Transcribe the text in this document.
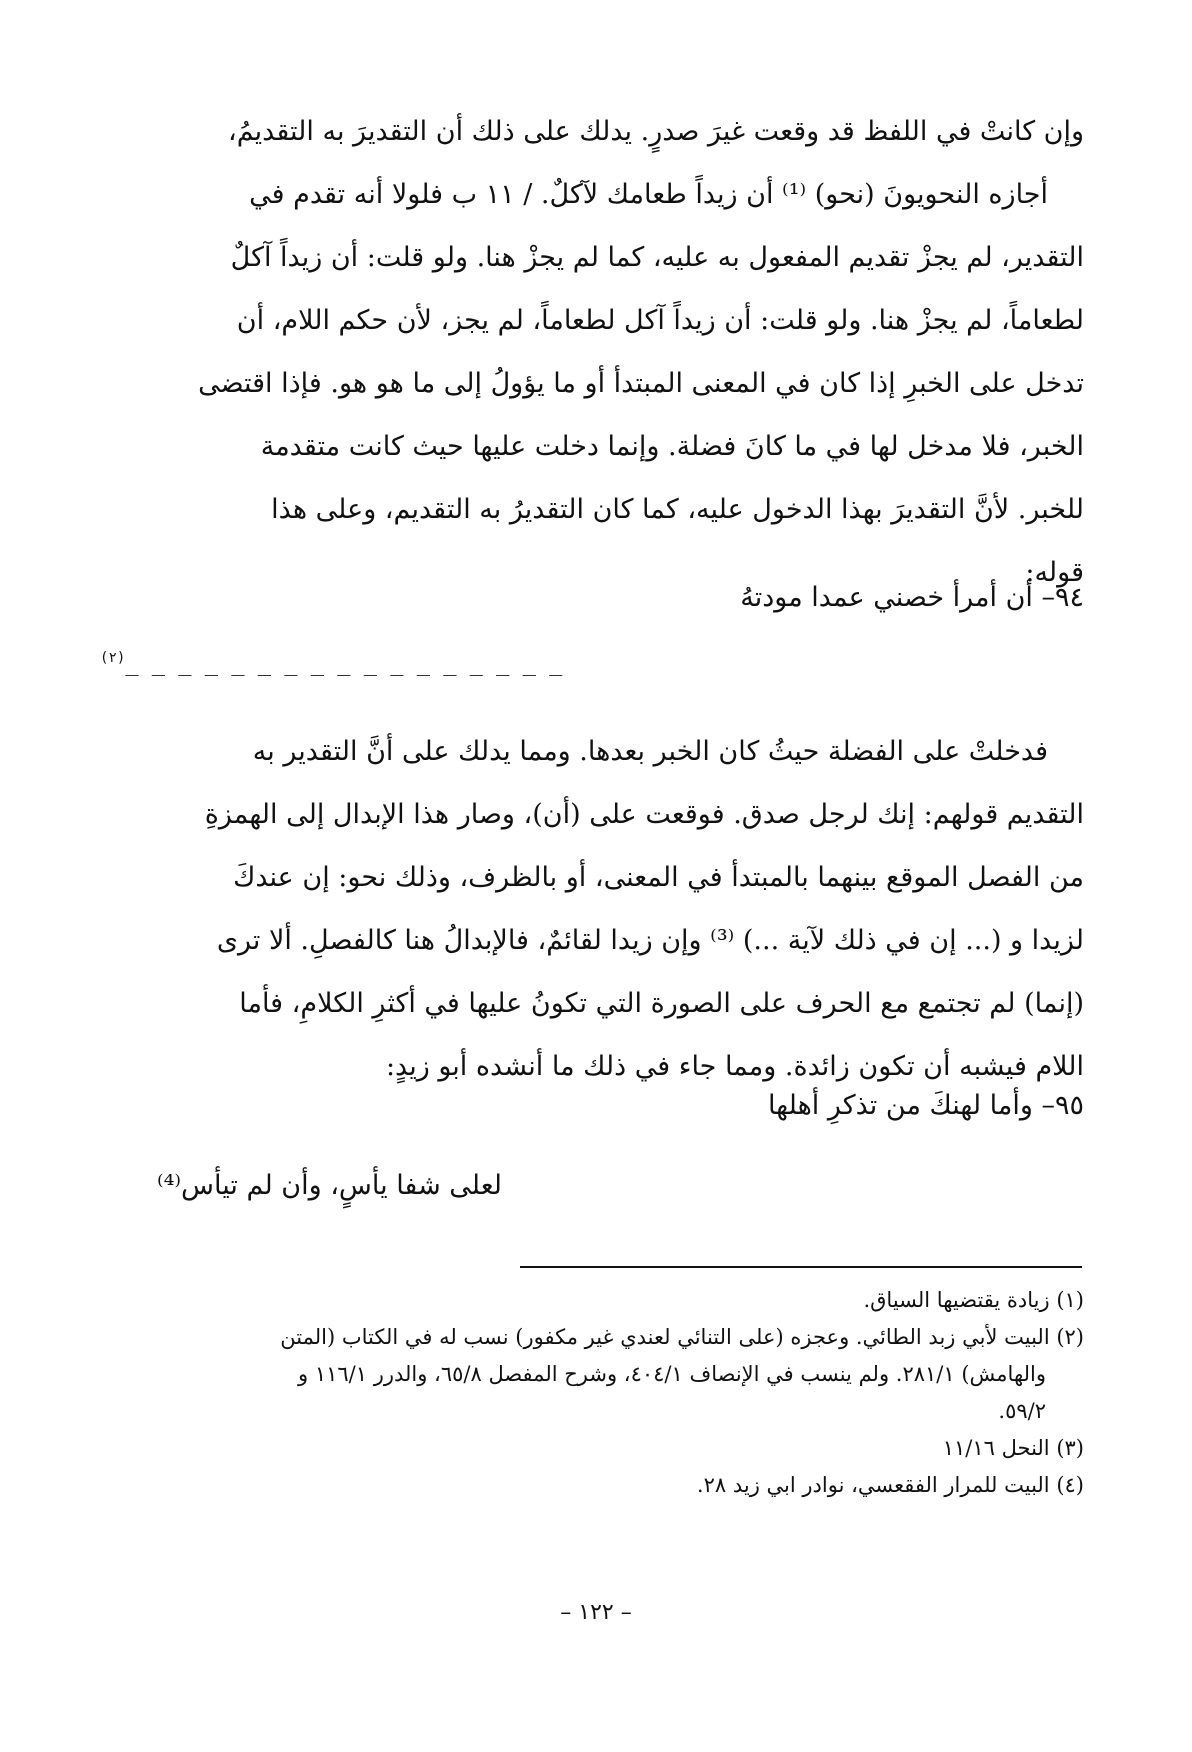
وإن كانتْ في اللفظ قد وقعت غيرَ صدرٍ. يدلك على ذلك أن التقديرَ به التقديمُ،

أجازه النحويونَ (نحو) ⁽¹⁾ أن زيداً طعامك لآكلٌ. / ١١ ب فلولا أنه تقدم في

التقدير، لم يجزْ تقديم المفعول به عليه، كما لم يجزْ هنا. ولو قلت: أن زيداً آكلٌ

لطعاماً، لم يجزْ هنا. ولو قلت: أن زيداً آكل لطعاماً، لم يجز، لأن حكم اللام، أن

تدخل على الخبرِ إذا كان في المعنى المبتدأ أو ما يؤولُ إلى ما هو هو. فإذا اقتضى

الخبر، فلا مدخل لها في ما كانَ فضلة. وإنما دخلت عليها حيث كانت متقدمة

للخبر. لأنَّ التقديرَ بهذا الدخول عليه، كما كان التقديرُ به التقديم، وعلى هذا

قوله:

٩٤– أن أمرأ خصني عمدا مودتهُ
$^{(٢)}$_ _ _ _ _ _ _ _ _ _ _ _ _ _ _ _ _

فدخلتْ على الفضلة حيثُ كان الخبر بعدها. ومما يدلك على أنَّ التقدير به

التقديم قولهم: إنك لرجل صدق. فوقعت على (أن)، وصار هذا الإبدال إلى الهمزةِ

من الفصل الموقع بينهما بالمبتدأ في المعنى، أو بالظرف، وذلك نحو: إن عندكَ

لزيدا و (... إن في ذلك لآية ...) ⁽³⁾ وإن زيدا لقائمٌ، فالإبدالُ هنا كالفصلِ. ألا ترى

(إنما) لم تجتمع مع الحرف على الصورة التي تكونُ عليها في أكثرِ الكلامِ، فأما

اللام فيشبه أن تكون زائدة. ومما جاء في ذلك ما أنشده أبو زيدٍ:

٩٥– وأما لهنكَ من تذكرِ أهلها
لعلى شفا يأسٍ، وأن لم تيأس⁽⁴⁾

(١) زيادة يقتضيها السياق.

(٢) البيت لأبي زبد الطائي. وعجزه (على التنائي لعندي غير مكفور) نسب له في الكتاب (المتن

والهامش) ٢٨١/١. ولم ينسب في الإنصاف ٤٠٤/١، وشرح المفصل ٦٥/٨، والدرر ١١٦/١ و

٥٩/٢.

(٣) النحل ١١/١٦

(٤) البيت للمرار الفقعسي، نوادر ابي زيد ٢٨.

– ١٢٢ –
